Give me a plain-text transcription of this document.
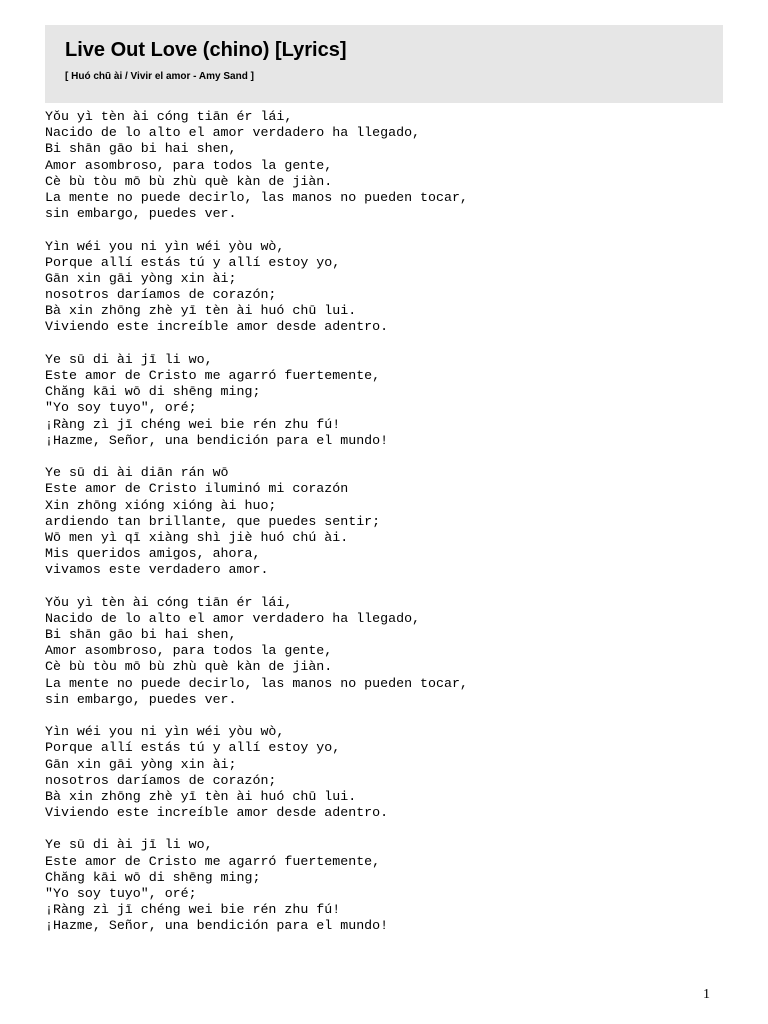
Live Out Love (chino) [Lyrics]
[ Huó chū ài / Vivir el amor - Amy Sand ]
Yǒu yì tèn ài cóng tiān ér lái,
Nacido de lo alto el amor verdadero ha llegado,
Bi shān gāo bi hai shen,
Amor asombroso, para todos la gente,
Cè bù tòu mō bù zhù què kàn de jiàn.
La mente no puede decirlo, las manos no pueden tocar,
sin embargo, puedes ver.
Yìn wéi you ni yìn wéi yòu wò,
Porque allí estás tú y allí estoy yo,
Gān xin gāi yòng xin ài;
nosotros daríamos de corazón;
Bà xin zhōng zhè yī tèn ài huó chū lui.
Viviendo este increíble amor desde adentro.
Ye sū di ài jī li wo,
Este amor de Cristo me agarró fuertemente,
Chăng kāi wō di shēng ming;
"Yo soy tuyo", oré;
¡Ràng zì jī chéng wei bie rén zhu fú!
¡Hazme, Señor, una bendición para el mundo!
Ye sū di ài diān rán wō
Este amor de Cristo iluminó mi corazón
Xin zhōng xióng xióng ài huo;
ardiendo tan brillante, que puedes sentir;
Wō men yì qī xiàng shì jiè huó chú ài.
Mis queridos amigos, ahora,
vivamos este verdadero amor.
Yǒu yì tèn ài cóng tiān ér lái,
Nacido de lo alto el amor verdadero ha llegado,
Bi shān gāo bi hai shen,
Amor asombroso, para todos la gente,
Cè bù tòu mō bù zhù què kàn de jiàn.
La mente no puede decirlo, las manos no pueden tocar,
sin embargo, puedes ver.
Yìn wéi you ni yìn wéi yòu wò,
Porque allí estás tú y allí estoy yo,
Gān xin gāi yòng xin ài;
nosotros daríamos de corazón;
Bà xin zhōng zhè yī tèn ài huó chū lui.
Viviendo este increíble amor desde adentro.
Ye sū di ài jī li wo,
Este amor de Cristo me agarró fuertemente,
Chăng kāi wō di shēng ming;
"Yo soy tuyo", oré;
¡Ràng zì jī chéng wei bie rén zhu fú!
¡Hazme, Señor, una bendición para el mundo!
1
